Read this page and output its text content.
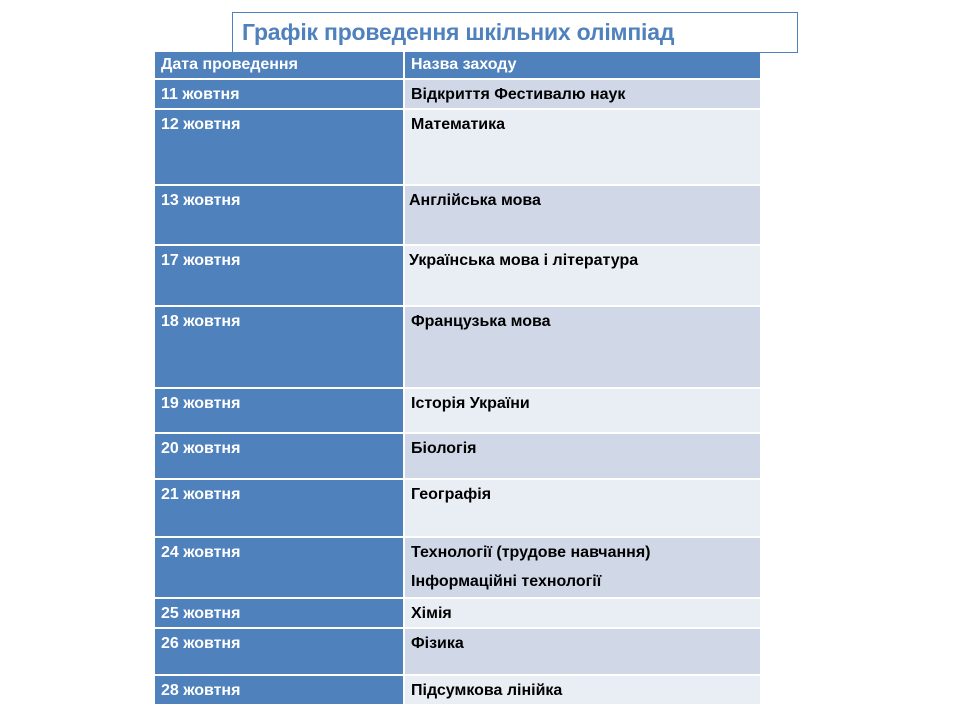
Графік проведення шкільних олімпіад
Дата проведення	Назва заходу
11 жовтня	Відкриття Фестивалю наук
12 жовтня	Математика
13 жовтня	Англійська мова
17 жовтня	Українська мова і література
18 жовтня	Французька мова
19 жовтня	Історія України
20 жовтня	Біологія
21 жовтня	Географія
24 жовтня	Технології (трудове навчання)
Інформаційні технології
25 жовтня	Хімія
26 жовтня	Фізика
28 жовтня	Підсумкова лінійка
